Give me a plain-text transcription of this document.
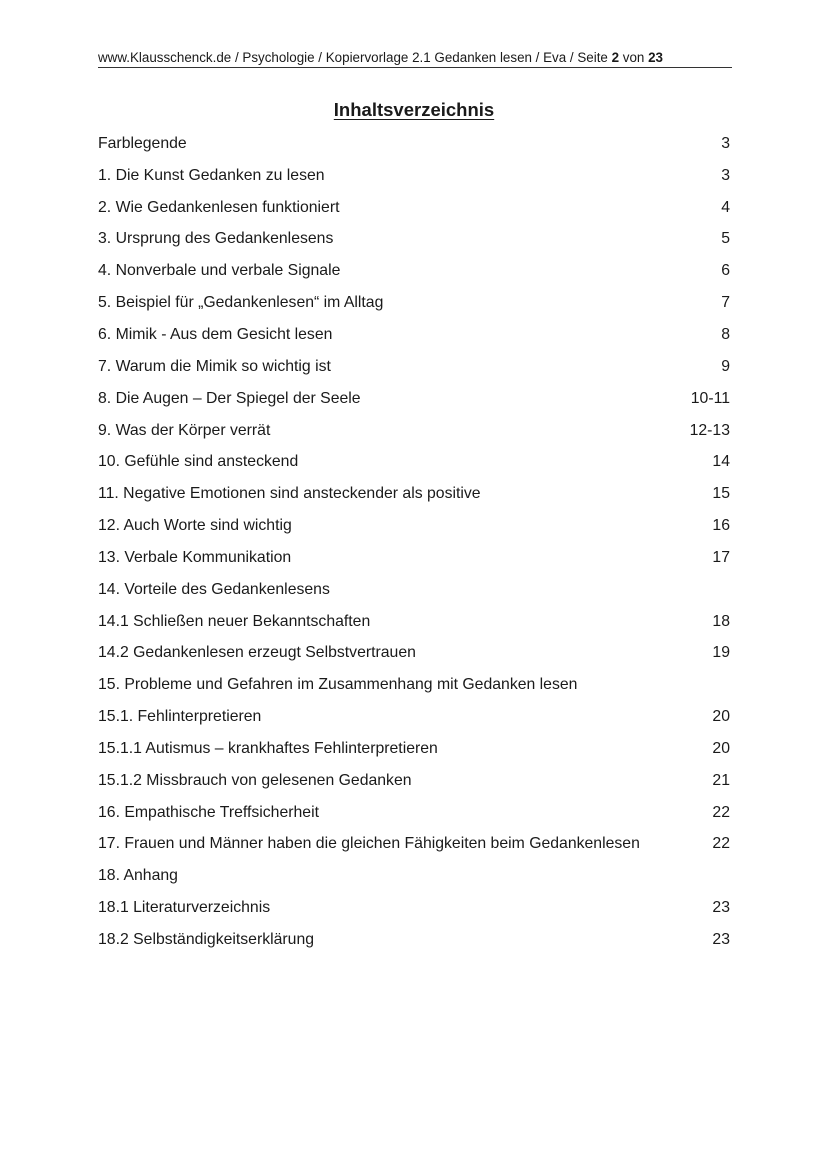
www.Klausschenck.de / Psychologie / Kopiervorlage 2.1 Gedanken lesen / Eva / Seite 2 von 23
Inhaltsverzeichnis
Farblegende	3
1. Die Kunst Gedanken zu lesen	3
2. Wie Gedankenlesen funktioniert	4
3. Ursprung des Gedankenlesens	5
4. Nonverbale und verbale Signale	6
5. Beispiel für „Gedankenlesen“ im Alltag	7
6. Mimik - Aus dem Gesicht lesen	8
7. Warum die Mimik so wichtig ist	9
8. Die Augen – Der Spiegel der Seele	10-11
9. Was der Körper verrät	12-13
10. Gefühle sind ansteckend	14
11. Negative Emotionen sind ansteckender als positive	15
12. Auch Worte sind wichtig	16
13. Verbale Kommunikation	17
14. Vorteile des Gedankenlesens
14.1 Schließen neuer Bekanntschaften	18
14.2 Gedankenlesen erzeugt Selbstvertrauen	19
15. Probleme und Gefahren im Zusammenhang mit Gedanken lesen
15.1. Fehlinterpretieren	20
15.1.1 Autismus – krankhaftes Fehlinterpretieren	20
15.1.2 Missbrauch von gelesenen Gedanken	21
16. Empathische Treffsicherheit	22
17. Frauen und Männer haben die gleichen Fähigkeiten beim Gedankenlesen	22
18. Anhang
18.1 Literaturverzeichnis	23
18.2 Selbständigkeitserklärung	23
